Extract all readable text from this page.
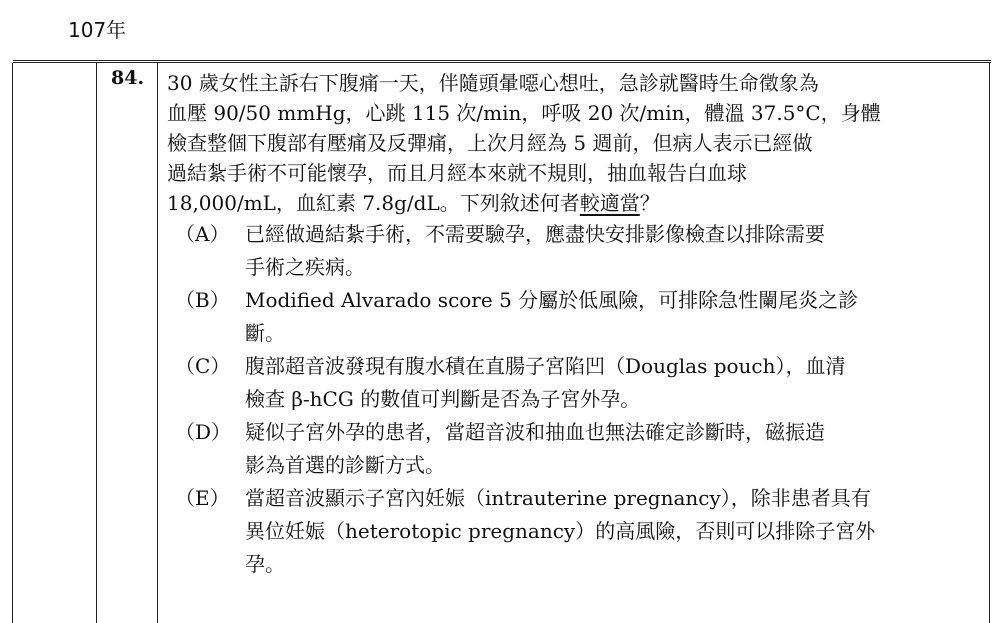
107年
84. 30 歲女性主訴右下腹痛一天，伴隨頭暈噁心想吐，急診就醫時生命徵象為
血壓 90/50 mmHg，心跳 115 次/min，呼吸 20 次/min，體溫 37.5°C，身體
檢查整個下腹部有壓痛及反彈痛，上次月經為 5 週前，但病人表示已經做
過結紮手術不可能懷孕，而且月經本來就不規則，抽血報告白血球
18,000/mL，血紅素 7.8g/dL。下列敘述何者較適當？
（A） 已經做過結紮手術，不需要驗孕，應盡快安排影像檢查以排除需要
手術之疾病。
（B） Modified Alvarado score 5 分屬於低風險，可排除急性闌尾炎之診
斷。
（C） 腹部超音波發現有腹水積在直腸子宮陷凹（Douglas pouch），血清
檢查 β-hCG 的數值可判斷是否為子宮外孕。
（D） 疑似子宮外孕的患者，當超音波和抽血也無法確定診斷時，磁振造
影為首選的診斷方式。
（E） 當超音波顯示子宮內妊娠（intrauterine pregnancy），除非患者具有
異位妊娠（heterotopic pregnancy）的高風險，否則可以排除子宮外
孕。
